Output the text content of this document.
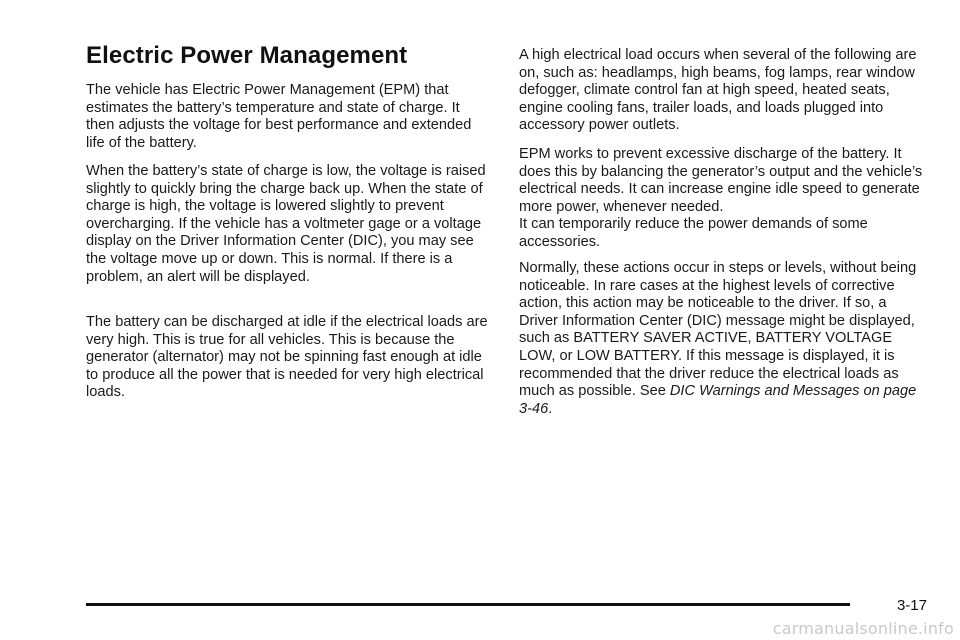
Electric Power Management

The vehicle has Electric Power Management (EPM) that estimates the battery’s temperature and state of charge. It then adjusts the voltage for best performance and extended life of the battery.

When the battery’s state of charge is low, the voltage is raised slightly to quickly bring the charge back up. When the state of charge is high, the voltage is lowered slightly to prevent overcharging. If the vehicle has a voltmeter gage or a voltage display on the Driver Information Center (DIC), you may see the voltage move up or down. This is normal. If there is a problem, an alert will be displayed.

The battery can be discharged at idle if the electrical loads are very high. This is true for all vehicles. This is because the generator (alternator) may not be spinning fast enough at idle to produce all the power that is needed for very high electrical loads.

A high electrical load occurs when several of the following are on, such as: headlamps, high beams, fog lamps, rear window defogger, climate control fan at high speed, heated seats, engine cooling fans, trailer loads, and loads plugged into accessory power outlets.

EPM works to prevent excessive discharge of the battery. It does this by balancing the generator’s output and the vehicle’s electrical needs. It can increase engine idle speed to generate more power, whenever needed.

It can temporarily reduce the power demands of some accessories.

Normally, these actions occur in steps or levels, without being noticeable. In rare cases at the highest levels of corrective action, this action may be noticeable to the driver. If so, a Driver Information Center (DIC) message might be displayed, such as BATTERY SAVER ACTIVE, BATTERY VOLTAGE LOW, or LOW BATTERY. If this message is displayed, it is recommended that the driver reduce the electrical loads as much as possible. See DIC Warnings and Messages on page 3-46.

3-17
carmanualsonline.info
